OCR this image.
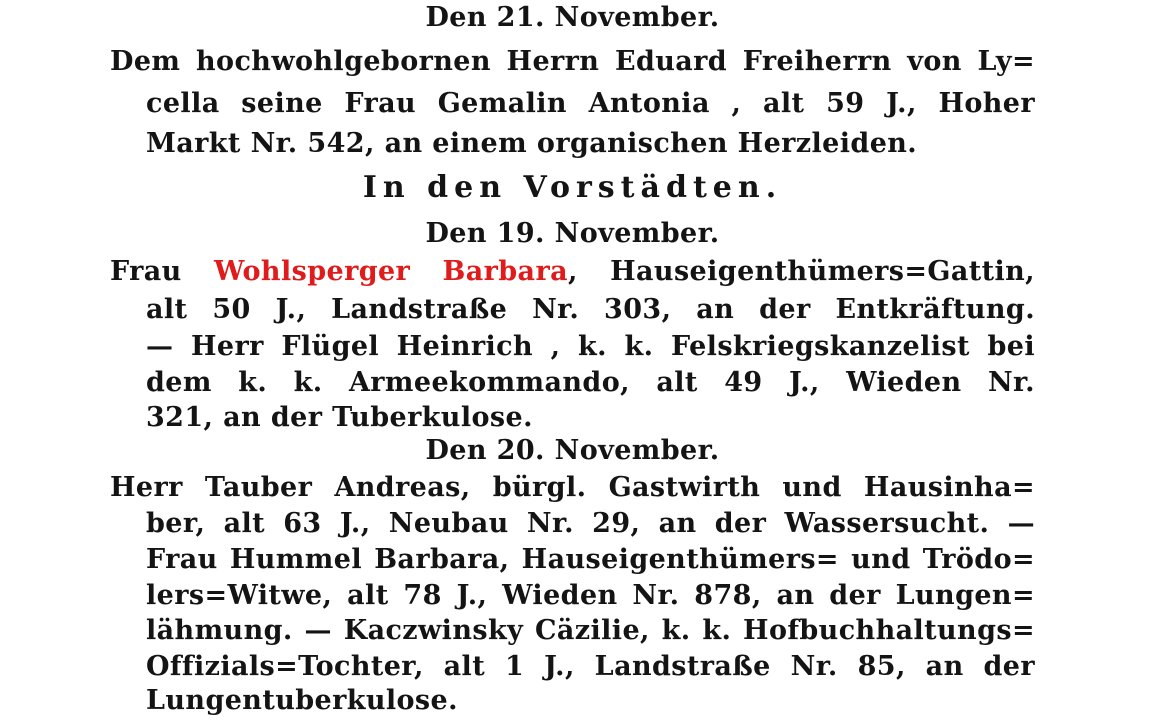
Den 21. November.
Dem hochwohlgebornen Herrn Eduard Freiherrn von Ly=
cella seine Frau Gemalin Antonia , alt 59 J., Hoher
Markt Nr. 542, an einem organischen Herzleiden.
In den Vorstädten.
Den 19. November.
Frau Wohlsperger Barbara, Hauseigenthümers=Gattin,
alt 50 J., Landstraße Nr. 303, an der Entkräftung.
— Herr Flügel Heinrich , k. k. Felskriegskanzelist bei
dem k. k. Armeekommando, alt 49 J., Wieden Nr.
321, an der Tuberkulose.
Den 20. November.
Herr Tauber Andreas, bürgl. Gastwirth und Hausinha=
ber, alt 63 J., Neubau Nr. 29, an der Wassersucht. —
Frau Hummel Barbara, Hauseigenthümers= und Trödo=
lers=Witwe, alt 78 J., Wieden Nr. 878, an der Lungen=
lähmung. — Kaczwinsky Cäzilie, k. k. Hofbuchhaltungs=
Offizials=Tochter, alt 1 J., Landstraße Nr. 85, an der
Lungentuberkulose.
